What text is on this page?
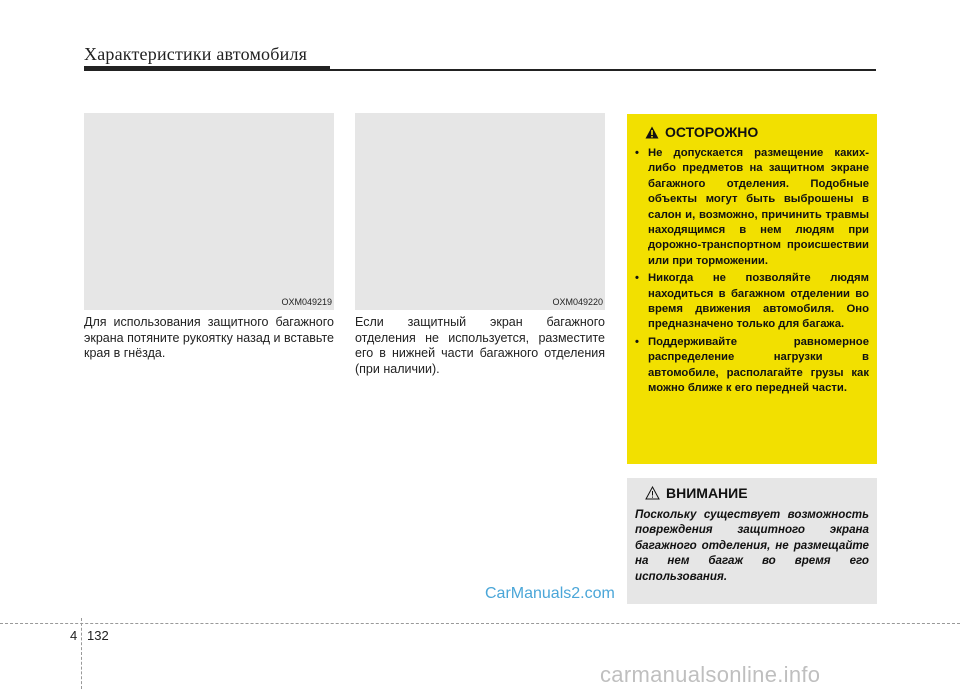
Характеристики автомобиля
OXM049219	OXM049220
Для использования защитного багажного экрана потяните рукоятку назад и вставьте края в гнёзда.
Если защитный экран багажного отделения не используется, разместите его в нижней части багажного отделения (при наличии).
ОСТОРОЖНО
• Не допускается размещение каких-либо предметов на защитном экране багажного отделения. Подобные объекты могут быть выброшены в салон и, возможно, причинить травмы находящимся в нем людям при дорожно-транспортном происшествии или при торможении.
• Никогда не позволяйте людям находиться в багажном отделении во время движения автомобиля. Оно предназначено только для багажа.
• Поддерживайте равномерное распределение нагрузки в автомобиле, располагайте грузы как можно ближе к его передней части.
ВНИМАНИЕ
Поскольку существует возможность повреждения защитного экрана багажного отделения, не размещайте на нем багаж во время его использования.
CarManuals2.com
4 132
carmanualsonline.info
